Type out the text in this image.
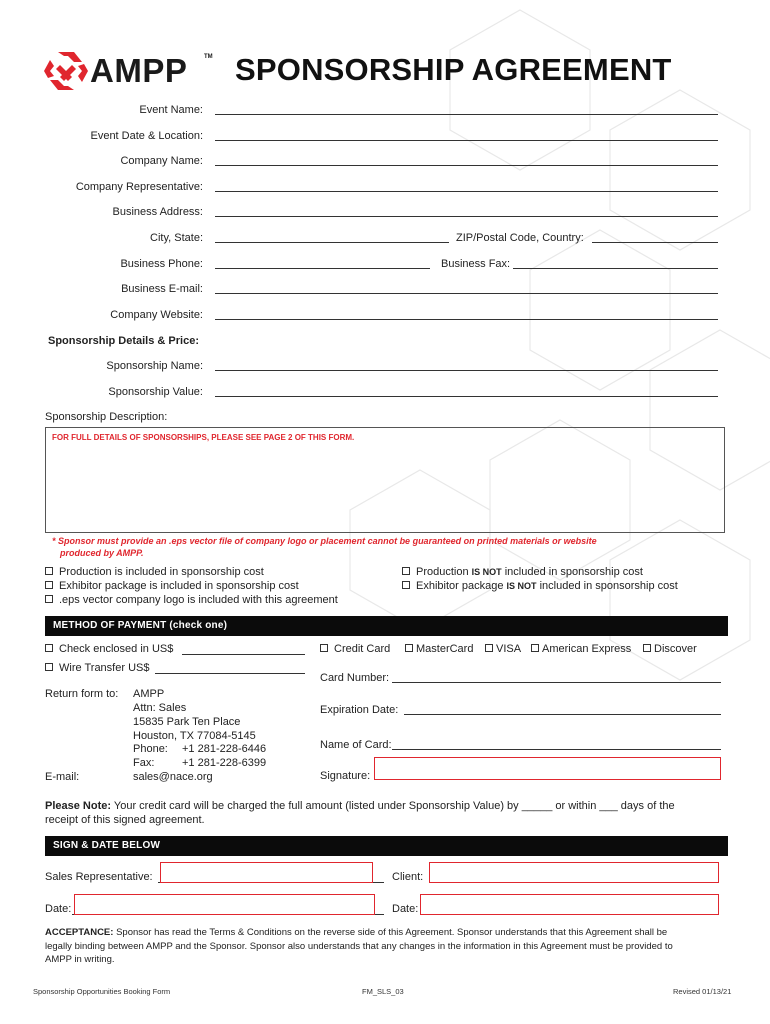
AMPP	TM SPONSORSHIP AGREEMENT
Event Name:
Event Date & Location:
Company Name:
Company Representative:
Business Address:
City, State:	ZIP/Postal Code, Country:
Business Phone:	Business Fax:
Business E-mail:
Company Website:
Sponsorship Details & Price:
Sponsorship Name:
Sponsorship Value:
Sponsorship Description:
FOR FULL DETAILS OF SPONSORSHIPS, PLEASE SEE PAGE 2 OF THIS FORM.
* Sponsor must provide an .eps vector file of company logo or placement cannot be guaranteed on printed materials or website
produced by AMPP.
Production is included in sponsorship cost
Exhibitor package is included in sponsorship cost
.eps vector company logo is included with this agreement
Production IS NOT included in sponsorship cost
Exhibitor package IS NOT included in sponsorship cost
METHOD OF PAYMENT (check one)
Check enclosed in US$
Wire Transfer US$
Credit Card	MasterCard	VISA	American Express	Discover
Card Number:
Expiration Date:
Name of Card:
Signature:
Return form to: AMPP
Attn: Sales
15835 Park Ten Place
Houston, TX 77084-5145
Phone: +1 281-228-6446
Fax:	+1 281-228-6399
E-mail:	sales@nace.org
Please Note: Your credit card will be charged the full amount (listed under Sponsorship Value) by _____ or within ___ days of the
receipt of this signed agreement.
SIGN & DATE BELOW
Sales Representative:	Client:
Date:	Date:
ACCEPTANCE: Sponsor has read the Terms & Conditions on the reverse side of this Agreement. Sponsor understands that this Agreement shall be
legally binding between AMPP and the Sponsor. Sponsor also understands that any changes in the information in this Agreement must be provided to
AMPP in writing.
Sponsorship Opportunities Booking Form	FM_SLS_03	Revised 01/13/21
